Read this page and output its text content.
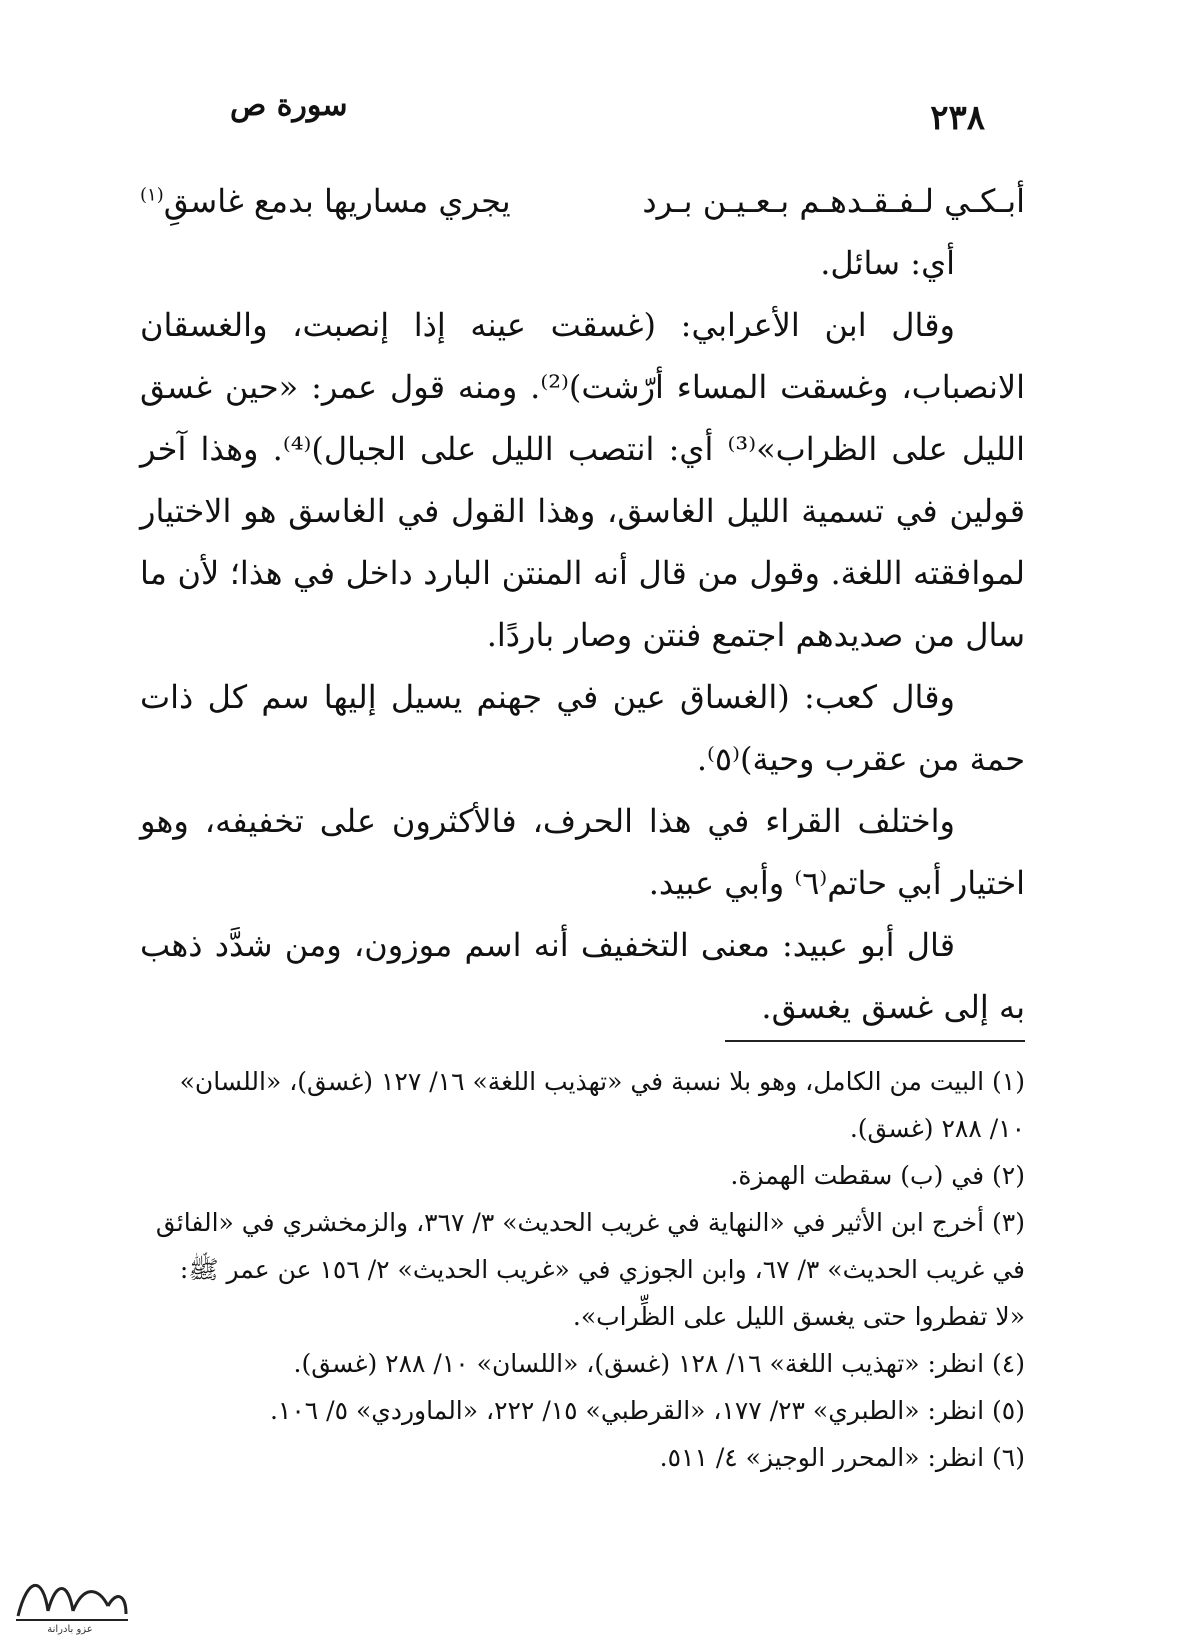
٢٣٨
سورة ص

أبـكـي لـفـقـدهـم بـعـيـن بـرد
يجري مساريها بدمع غاسقِ$^{(١)}$

أي: سائل.

وقال ابن الأعرابي: (غسقت عينه إذا إنصبت، والغسقان الانصباب، وغسقت المساء أرّشت)⁽²⁾. ومنه قول عمر: «حين غسق الليل على الظراب»⁽³⁾ أي: انتصب الليل على الجبال)⁽⁴⁾. وهذا آخر قولين في تسمية الليل الغاسق، وهذا القول في الغاسق هو الاختيار لموافقته اللغة. وقول من قال أنه المنتن البارد داخل في هذا؛ لأن ما سال من صديدهم اجتمع فنتن وصار باردًا.

وقال كعب: (الغساق عين في جهنم يسيل إليها سم كل ذات حمة من عقرب وحية)⁽٥⁾.

واختلف القراء في هذا الحرف، فالأكثرون على تخفيفه، وهو اختيار أبي حاتم⁽٦⁾ وأبي عبيد.

قال أبو عبيد: معنى التخفيف أنه اسم موزون، ومن شدَّد ذهب به إلى غسق يغسق.

(١) البيت من الكامل، وهو بلا نسبة في «تهذيب اللغة» ١٦/ ١٢٧ (غسق)، «اللسان» ١٠/ ٢٨٨ (غسق).

(٢) في (ب) سقطت الهمزة.

(٣) أخرج ابن الأثير في «النهاية في غريب الحديث» ٣/ ٣٦٧، والزمخشري في «الفائق في غريب الحديث» ٣/ ٦٧، وابن الجوزي في «غريب الحديث» ٢/ ١٥٦ عن عمر ﷺ: «لا تفطروا حتى يغسق الليل على الظِّراب».

(٤) انظر: «تهذيب اللغة» ١٦/ ١٢٨ (غسق)، «اللسان» ١٠/ ٢٨٨ (غسق).

(٥) انظر: «الطبري» ٢٣/ ١٧٧، «القرطبي» ١٥/ ٢٢٢، «الماوردي» ٥/ ١٠٦.

(٦) انظر: «المحرر الوجيز» ٤/ ٥١١.

عزو بادرانة
